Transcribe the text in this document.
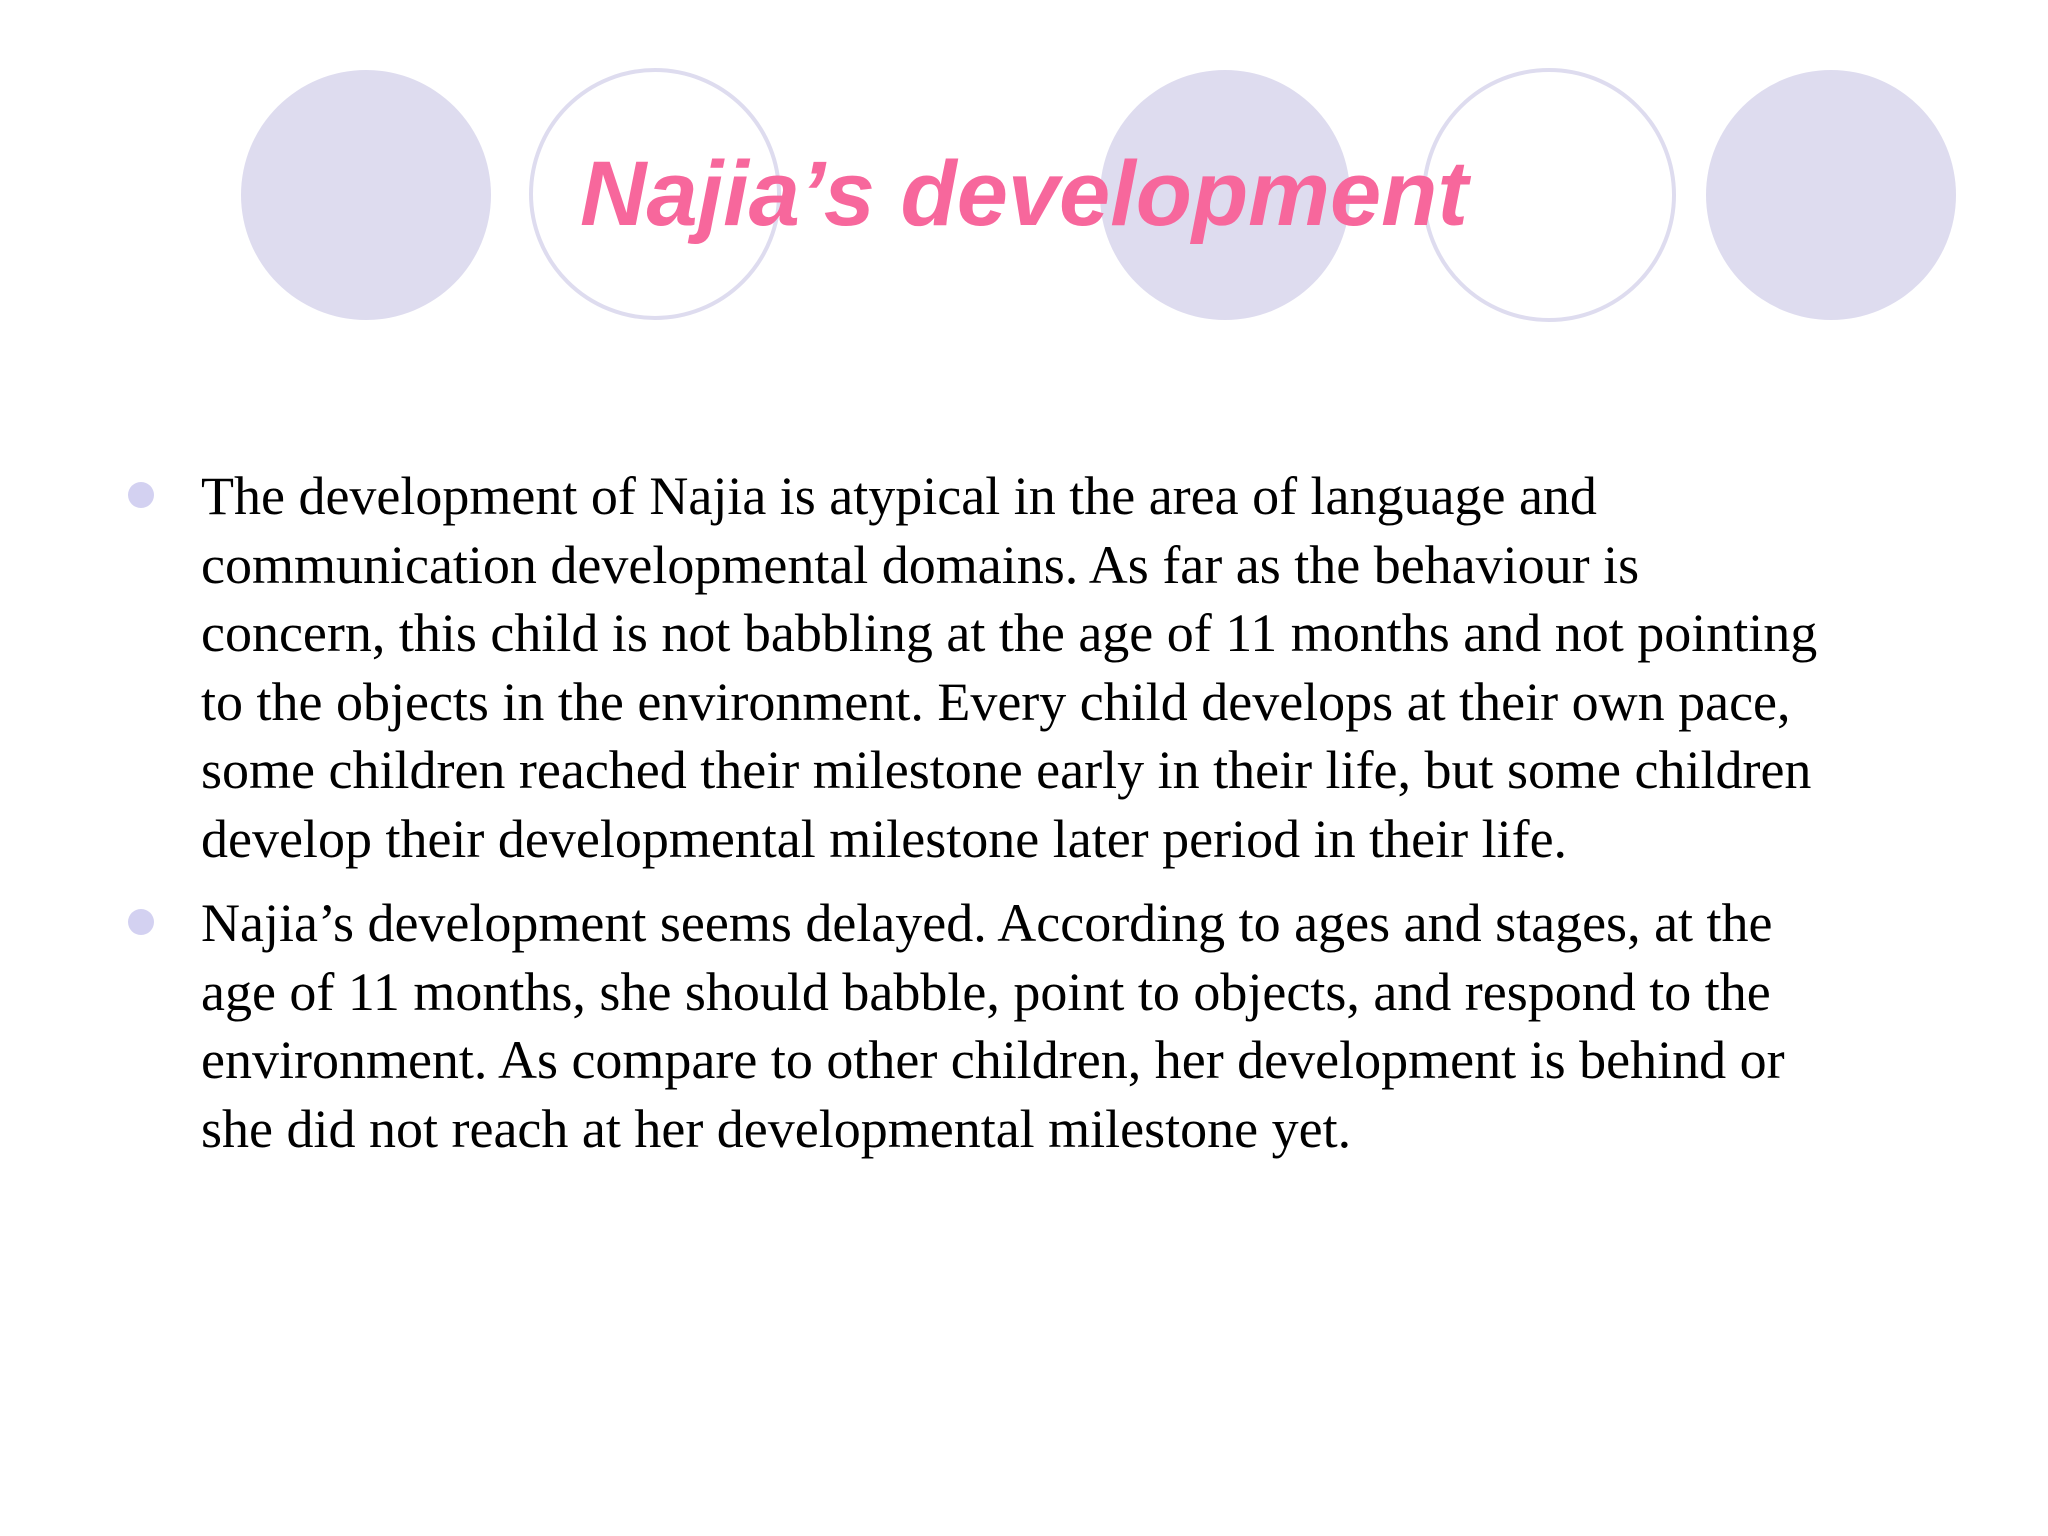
Najia’s development

The development of Najia is atypical in the area of language and
communication developmental domains. As far as the behaviour is
concern, this child is not babbling at the age of 11 months and not pointing
to the objects in the environment. Every child develops at their own pace,
some children reached their milestone early in their life, but some children
develop their developmental milestone later period in their life.

Najia’s development seems delayed. According to ages and stages, at the
age of 11 months, she should babble, point to objects, and respond to the
environment. As compare to other children, her development is behind or
she did not reach at her developmental milestone yet.
